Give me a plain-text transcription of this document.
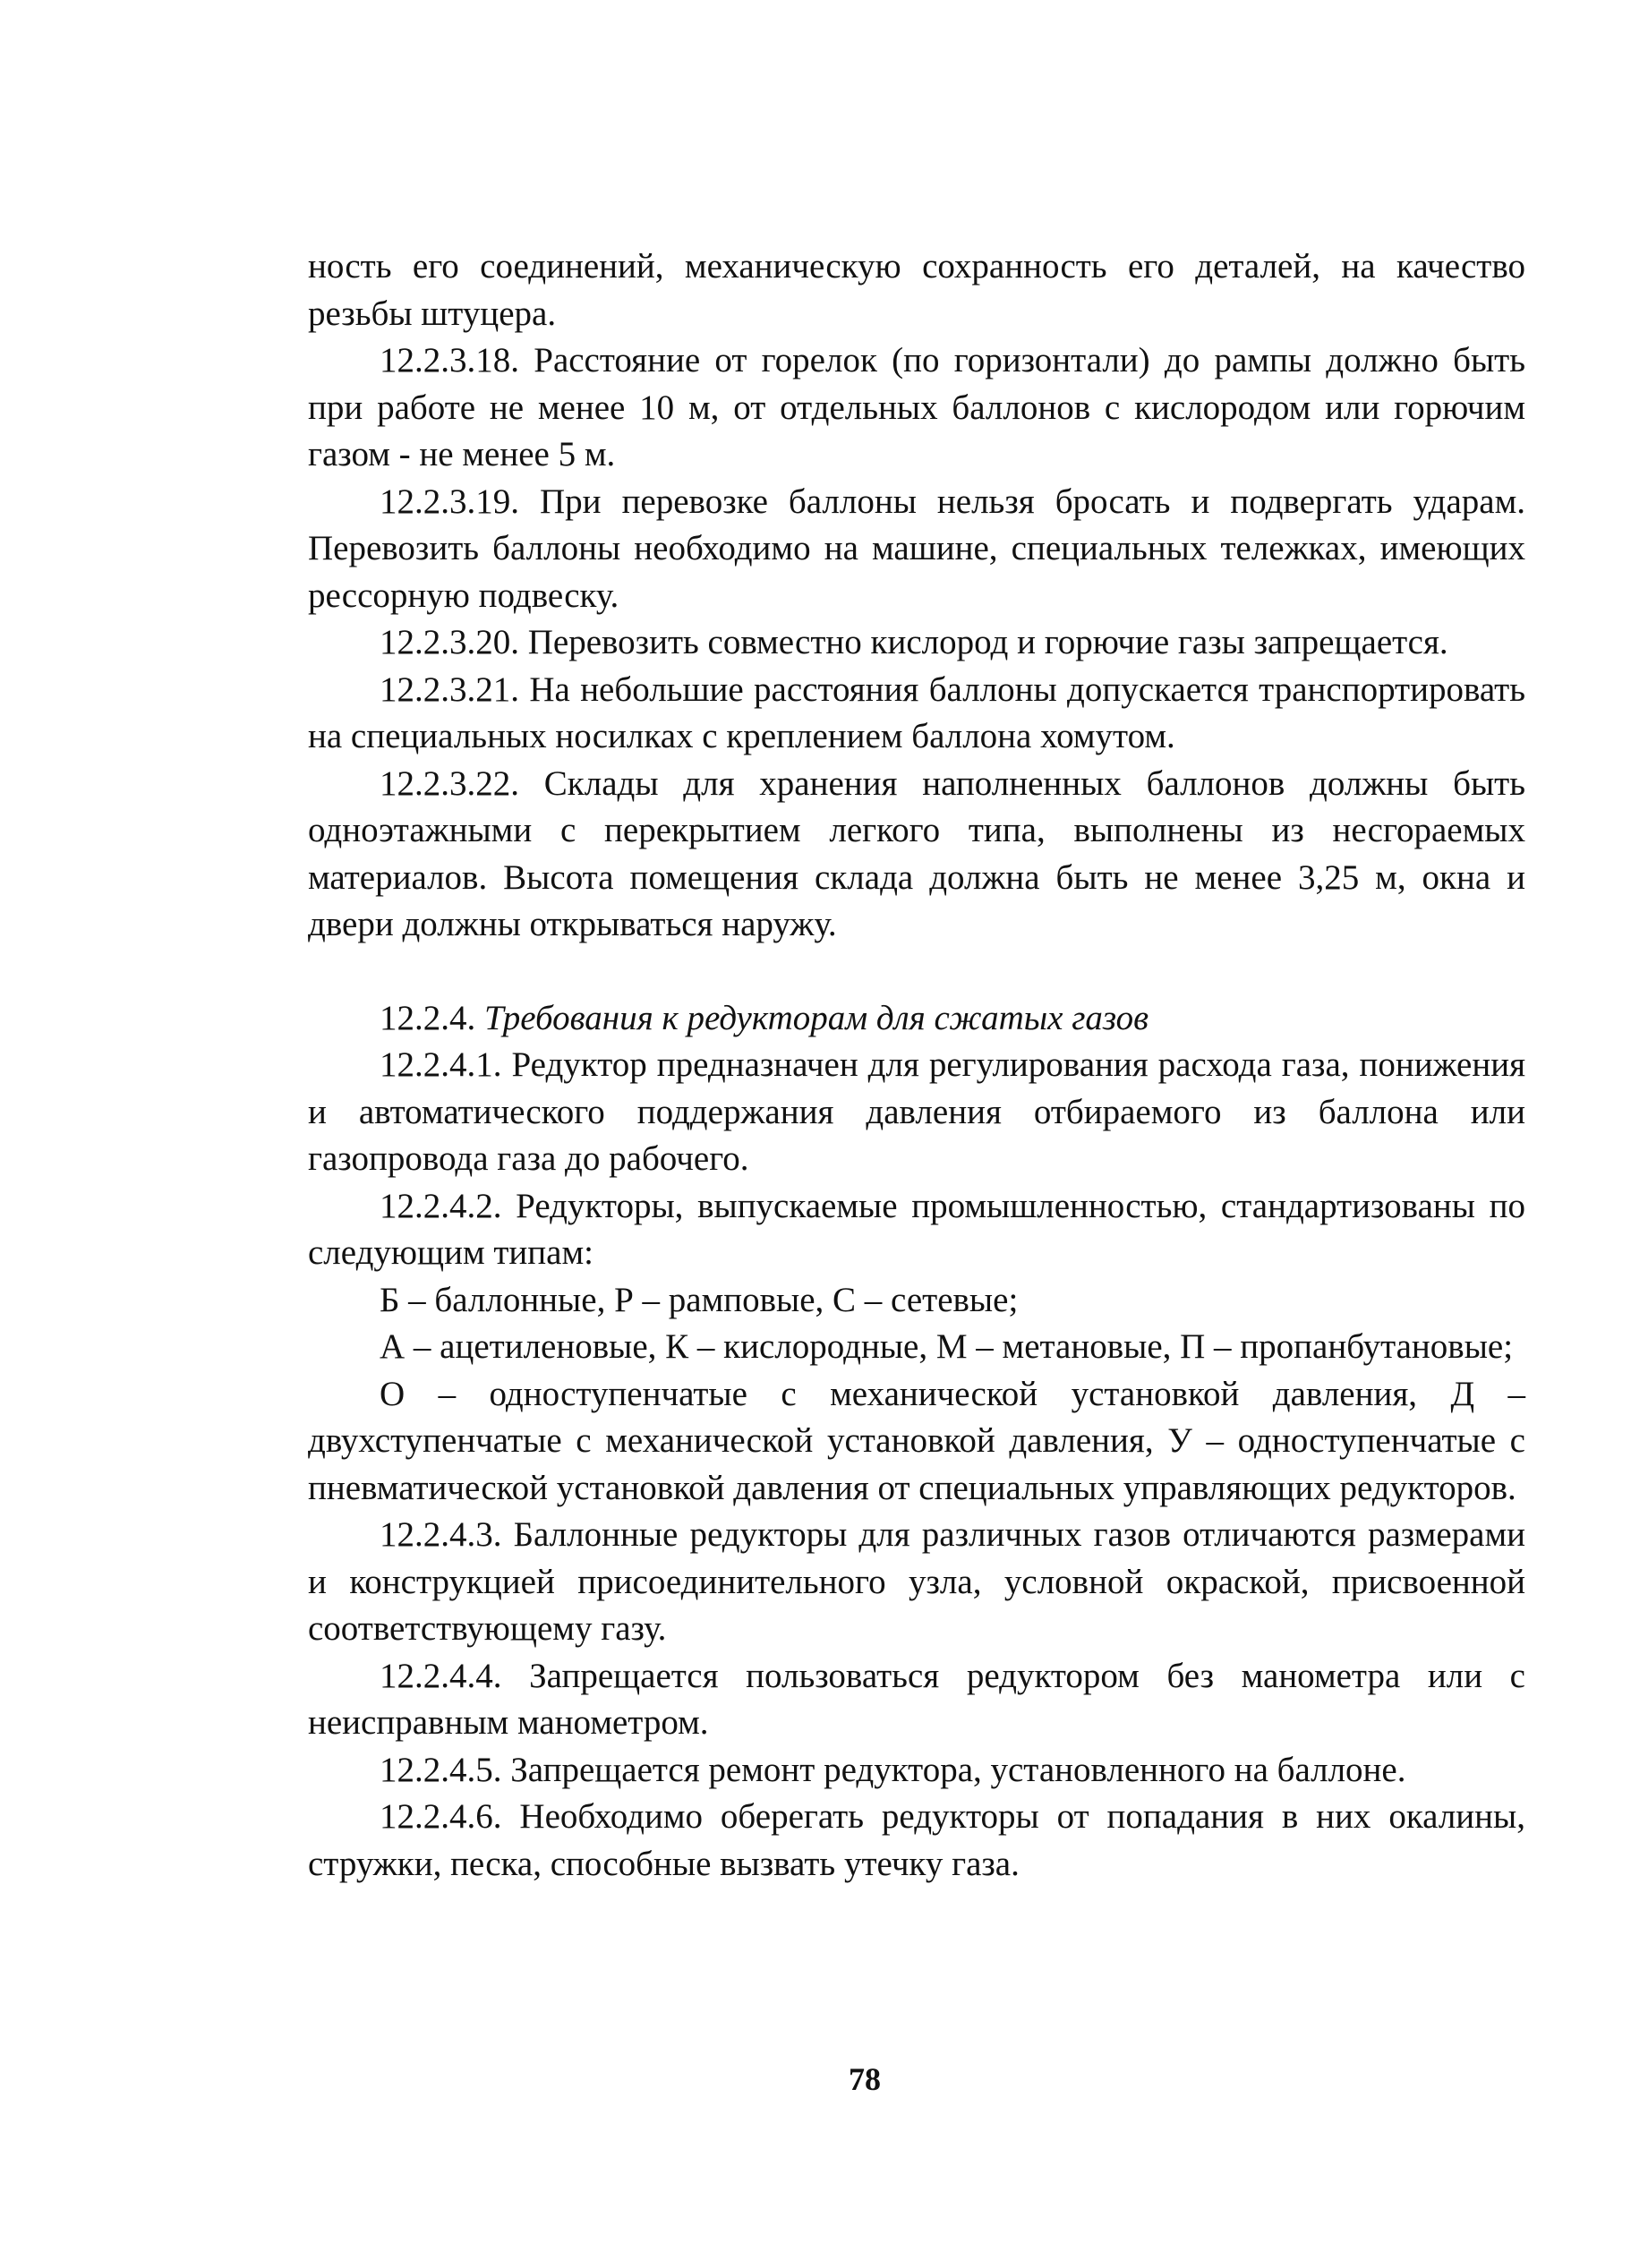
ность его соединений, механическую сохранность его деталей, на качество резьбы штуцера.

12.2.3.18. Расстояние от горелок (по горизонтали) до рампы должно быть при работе не менее 10 м, от отдельных баллонов с кислородом или горючим газом - не менее 5 м.

12.2.3.19. При перевозке баллоны нельзя бросать и подвергать ударам. Перевозить баллоны необходимо на машине, специальных тележках, имеющих рессорную подвеску.

12.2.3.20. Перевозить совместно кислород и горючие газы запрещается.

12.2.3.21. На небольшие расстояния баллоны допускается транспортировать на специальных носилках с креплением баллона хомутом.

12.2.3.22. Склады для хранения наполненных баллонов должны быть одноэтажными с перекрытием легкого типа, выполнены из несгораемых материалов. Высота помещения склада должна быть не менее 3,25 м, окна и двери должны открываться наружу.

12.2.4. Требования к редукторам для сжатых газов

12.2.4.1. Редуктор предназначен для регулирования расхода газа, понижения и автоматического поддержания давления отбираемого из баллона или газопровода газа до рабочего.

12.2.4.2. Редукторы, выпускаемые промышленностью, стандартизованы по следующим типам:

Б – баллонные, Р – рамповые, С – сетевые;

А – ацетиленовые, К – кислородные, М – метановые, П – пропанбутановые;

О – одноступенчатые с механической установкой давления, Д – двухступенчатые с механической установкой давления, У – одноступенчатые с пневматической установкой давления от специальных управляющих редукторов.

12.2.4.3. Баллонные редукторы для различных газов отличаются размерами и конструкцией присоединительного узла, условной окраской, присвоенной соответствующему газу.

12.2.4.4. Запрещается пользоваться редуктором без манометра или с неисправным манометром.

12.2.4.5. Запрещается ремонт редуктора, установленного на баллоне.

12.2.4.6. Необходимо оберегать редукторы от попадания в них окалины, стружки, песка, способные вызвать утечку газа.

78
